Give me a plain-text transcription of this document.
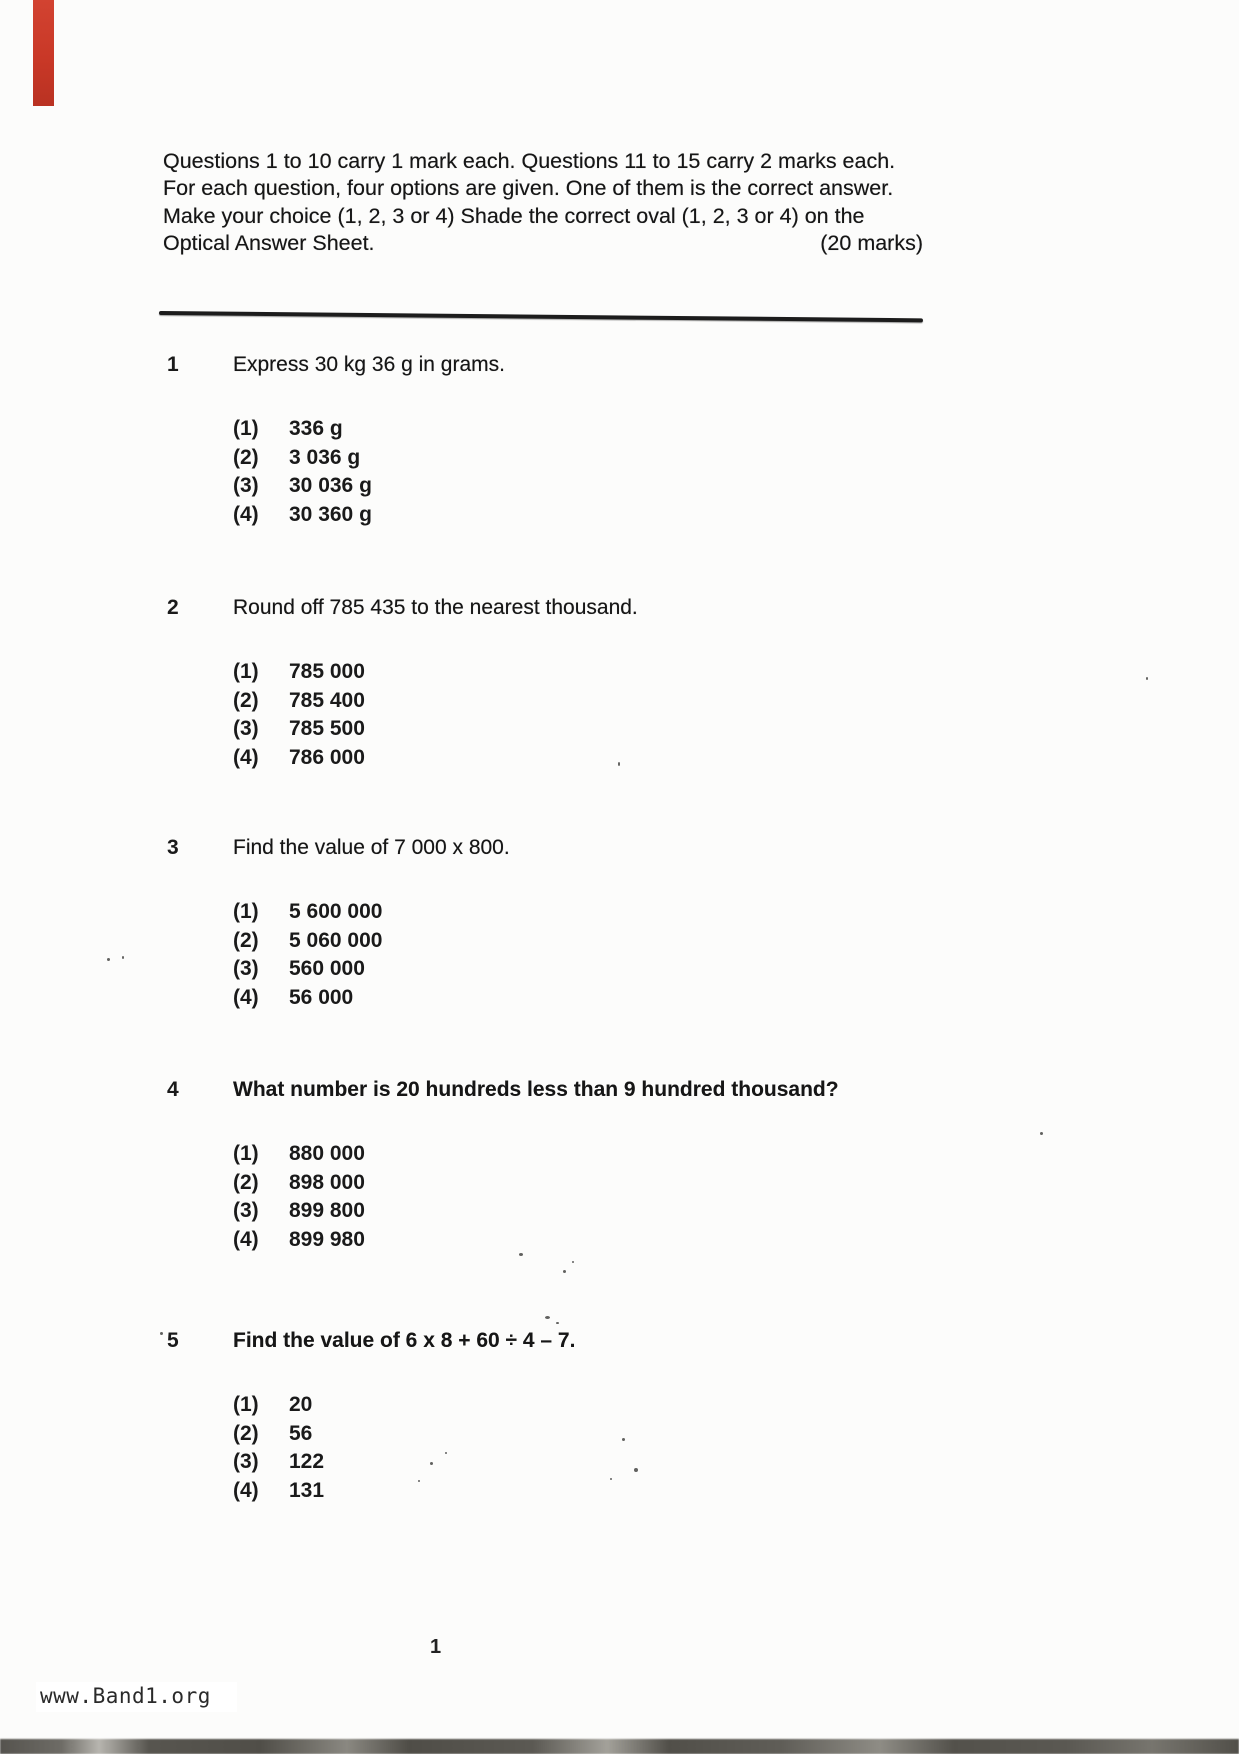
Questions 1 to 10 carry 1 mark each. Questions 11 to 15 carry 2 marks each.
For each question, four options are given. One of them is the correct answer.
Make your choice (1, 2, 3 or 4) Shade the correct oval (1, 2, 3 or 4) on the
Optical Answer Sheet.	(20 marks)
1	Express 30 kg 36 g in grams.
(1)	336 g
(2)	3 036 g
(3)	30 036 g
(4)	30 360 g
2	Round off 785 435 to the nearest thousand.
(1)	785 000
(2)	785 400
(3)	785 500
(4)	786 000
3	Find the value of 7 000 x 800.
(1)	5 600 000
(2)	5 060 000
(3)	560 000
(4)	56 000
4	What number is 20 hundreds less than 9 hundred thousand?
(1)	880 000
(2)	898 000
(3)	899 800
(4)	899 980
5	Find the value of 6 x 8 + 60 ÷ 4 – 7.
(1)	20
(2)	56
(3)	122
(4)	131
1
www.Band1.org
